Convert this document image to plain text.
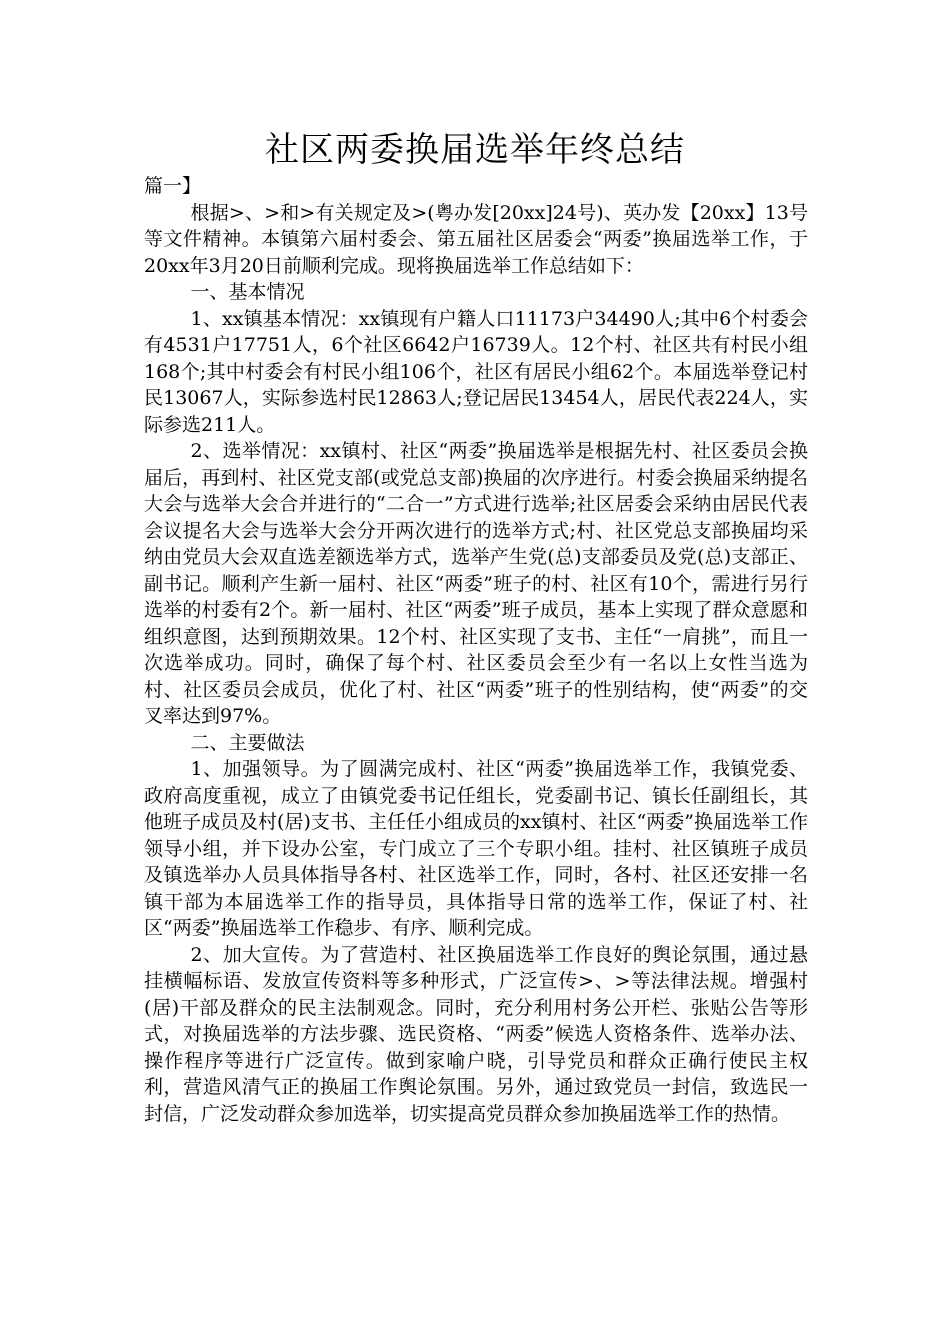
社区两委换届选举年终总结

篇一】

根据>、>和>有关规定及>(粤办发[20xx]24号)、英办发【20xx】13号等文件精神。本镇第六届村委会、第五届社区居委会“两委”换届选举工作，于20xx年3月20日前顺利完成。现将换届选举工作总结如下：

一、基本情况

1、xx镇基本情况：xx镇现有户籍人口11173户34490人;其中6个村委会有4531户17751人，6个社区6642户16739人。12个村、社区共有村民小组168个;其中村委会有村民小组106个，社区有居民小组62个。本届选举登记村民13067人，实际参选村民12863人;登记居民13454人，居民代表224人，实际参选211人。

2、选举情况：xx镇村、社区“两委”换届选举是根据先村、社区委员会换届后，再到村、社区党支部(或党总支部)换届的次序进行。村委会换届采纳提名大会与选举大会合并进行的“二合一”方式进行选举;社区居委会采纳由居民代表会议提名大会与选举大会分开两次进行的选举方式;村、社区党总支部换届均采纳由党员大会双直选差额选举方式，选举产生党(总)支部委员及党(总)支部正、副书记。顺利产生新一届村、社区“两委”班子的村、社区有10个，需进行另行选举的村委有2个。新一届村、社区“两委”班子成员，基本上实现了群众意愿和组织意图，达到预期效果。12个村、社区实现了支书、主任“一肩挑”，而且一次选举成功。同时，确保了每个村、社区委员会至少有一名以上女性当选为村、社区委员会成员，优化了村、社区“两委”班子的性别结构，使“两委”的交叉率达到97%。

二、主要做法

1、加强领导。为了圆满完成村、社区“两委”换届选举工作，我镇党委、政府高度重视，成立了由镇党委书记任组长，党委副书记、镇长任副组长，其他班子成员及村(居)支书、主任任小组成员的xx镇村、社区“两委”换届选举工作领导小组，并下设办公室，专门成立了三个专职小组。挂村、社区镇班子成员及镇选举办人员具体指导各村、社区选举工作，同时，各村、社区还安排一名镇干部为本届选举工作的指导员，具体指导日常的选举工作，保证了村、社区“两委”换届选举工作稳步、有序、顺利完成。

2、加大宣传。为了营造村、社区换届选举工作良好的舆论氛围，通过悬挂横幅标语、发放宣传资料等多种形式，广泛宣传>、>等法律法规。增强村(居)干部及群众的民主法制观念。同时，充分利用村务公开栏、张贴公告等形式，对换届选举的方法步骤、选民资格、“两委”候选人资格条件、选举办法、操作程序等进行广泛宣传。做到家喻户晓，引导党员和群众正确行使民主权利，营造风清气正的换届工作舆论氛围。另外，通过致党员一封信，致选民一封信，广泛发动群众参加选举，切实提高党员群众参加换届选举工作的热情。
